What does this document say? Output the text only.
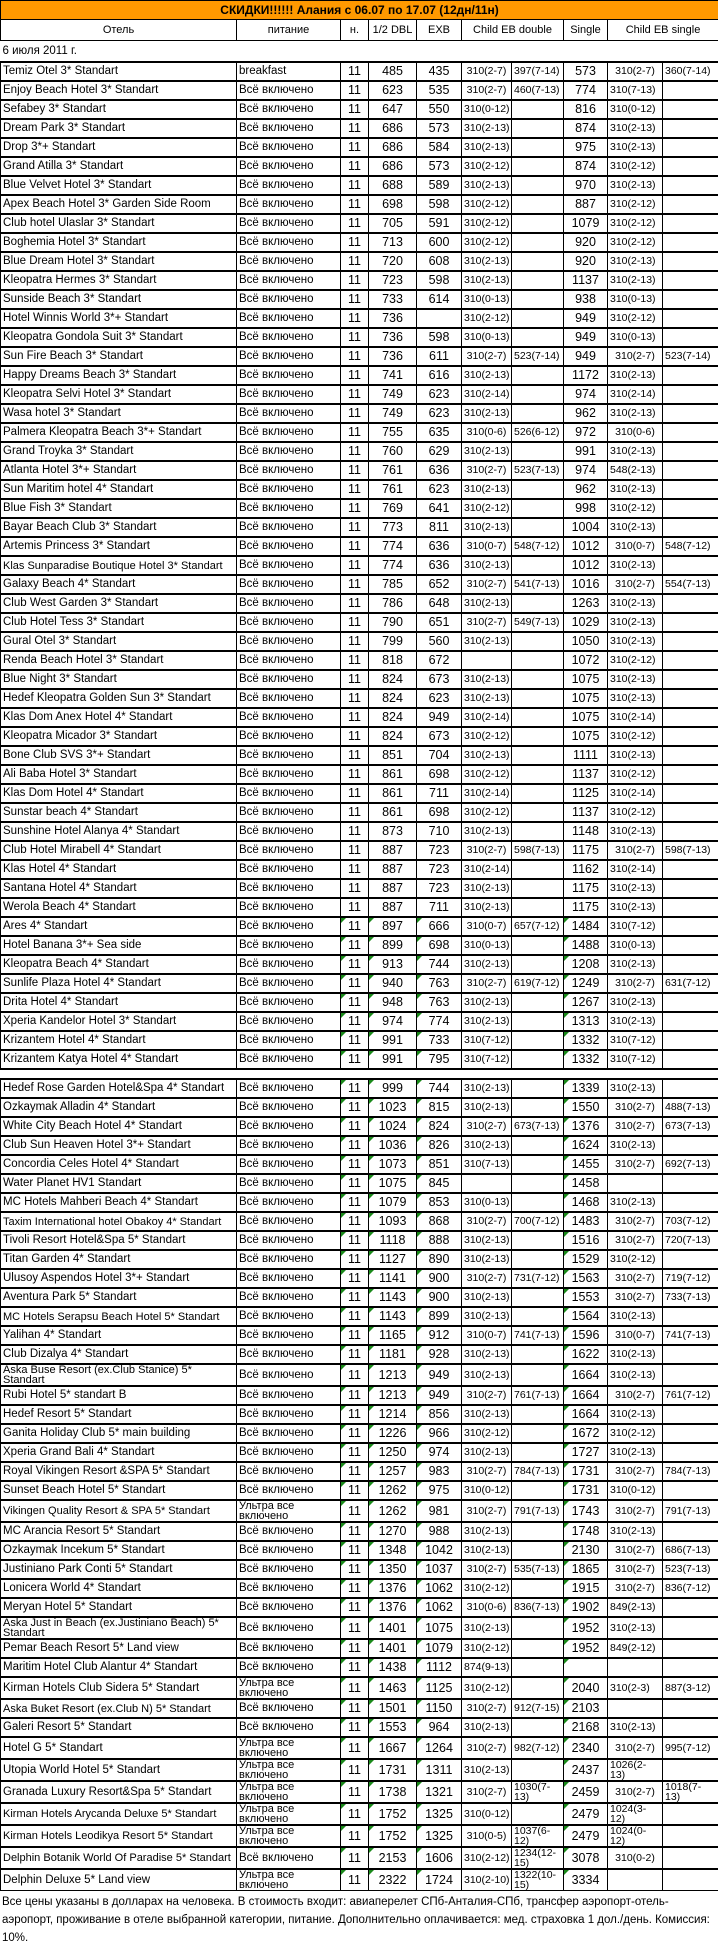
СКИДКИ!!!!!! Алания с 06.07 по 17.07 (12дн/11н)									
Отель	питание	н.	1/2 DBL	EXB	Child EB double		Single	Child EB single	
6 июля 2011 г.									
Temiz Otel 3* Standart	breakfast	11	485	435	310(2-7)	397(7-14)	573	310(2-7)	360(7-14)
Enjoy Beach Hotel 3* Standart	Всё включено	11	623	535	310(2-7)	460(7-13)	774	310(7-13)	
Sefabey 3* Standart	Всё включено	11	647	550	310(0-12)		816	310(0-12)	
Dream Park 3* Standart	Всё включено	11	686	573	310(2-13)		874	310(2-13)	
Drop 3*+ Standart	Всё включено	11	686	584	310(2-13)		975	310(2-13)	
Grand Atilla 3* Standart	Всё включено	11	686	573	310(2-12)		874	310(2-12)	
Blue Velvet Hotel 3* Standart	Всё включено	11	688	589	310(2-13)		970	310(2-13)	
Apex Beach Hotel 3* Garden Side Room	Всё включено	11	698	598	310(2-12)		887	310(2-12)	
Club hotel Ulaslar 3* Standart	Всё включено	11	705	591	310(2-12)		1079	310(2-12)	
Boghemia Hotel 3* Standart	Всё включено	11	713	600	310(2-12)		920	310(2-12)	
Blue Dream Hotel 3* Standart	Всё включено	11	720	608	310(2-13)		920	310(2-13)	
Kleopatra Hermes 3* Standart	Всё включено	11	723	598	310(2-13)		1137	310(2-13)	
Sunside Beach 3* Standart	Всё включено	11	733	614	310(0-13)		938	310(0-13)	
Hotel Winnis World 3*+ Standart	Всё включено	11	736		310(2-12)		949	310(2-12)	
Kleopatra Gondola Suit 3* Standart	Всё включено	11	736	598	310(0-13)		949	310(0-13)	
Sun Fire Beach 3* Standart	Всё включено	11	736	611	310(2-7)	523(7-14)	949	310(2-7)	523(7-14)
Happy Dreams Beach 3* Standart	Всё включено	11	741	616	310(2-13)		1172	310(2-13)	
Kleopatra Selvi Hotel 3* Standart	Всё включено	11	749	623	310(2-14)		974	310(2-14)	
Wasa hotel 3* Standart	Всё включено	11	749	623	310(2-13)		962	310(2-13)	
Palmera Kleopatra Beach 3*+ Standart	Всё включено	11	755	635	310(0-6)	526(6-12)	972	310(0-6)	
Grand Troyka 3* Standart	Всё включено	11	760	629	310(2-13)		991	310(2-13)	
Atlanta Hotel 3*+ Standart	Всё включено	11	761	636	310(2-7)	523(7-13)	974	548(2-13)	
Sun Maritim hotel 4* Standart	Всё включено	11	761	623	310(2-13)		962	310(2-13)	
Blue Fish 3* Standart	Всё включено	11	769	641	310(2-12)		998	310(2-12)	
Bayar Beach Club 3* Standart	Всё включено	11	773	811	310(2-13)		1004	310(2-13)	
Artemis Princess 3* Standart	Всё включено	11	774	636	310(0-7)	548(7-12)	1012	310(0-7)	548(7-12)
Klas Sunparadise Boutique Hotel 3* Standart	Всё включено	11	774	636	310(2-13)		1012	310(2-13)	
Galaxy Beach 4* Standart	Всё включено	11	785	652	310(2-7)	541(7-13)	1016	310(2-7)	554(7-13)
Club West Garden 3* Standart	Всё включено	11	786	648	310(2-13)		1263	310(2-13)	
Club Hotel Tess 3* Standart	Всё включено	11	790	651	310(2-7)	549(7-13)	1029	310(2-13)	
Gural Otel 3* Standart	Всё включено	11	799	560	310(2-13)		1050	310(2-13)	
Renda Beach Hotel 3* Standart	Всё включено	11	818	672			1072	310(2-12)	
Blue Night 3* Standart	Всё включено	11	824	673	310(2-13)		1075	310(2-13)	
Hedef Kleopatra Golden Sun 3* Standart	Всё включено	11	824	623	310(2-13)		1075	310(2-13)	
Klas Dom Anex Hotel 4* Standart	Всё включено	11	824	949	310(2-14)		1075	310(2-14)	
Kleopatra Micador 3* Standart	Всё включено	11	824	673	310(2-12)		1075	310(2-12)	
Bone Club SVS 3*+ Standart	Всё включено	11	851	704	310(2-13)		1111	310(2-13)	
Ali Baba Hotel 3* Standart	Всё включено	11	861	698	310(2-12)		1137	310(2-12)	
Klas Dom Hotel 4* Standart	Всё включено	11	861	711	310(2-14)		1125	310(2-14)	
Sunstar beach 4* Standart	Всё включено	11	861	698	310(2-12)		1137	310(2-12)	
Sunshine Hotel Alanya 4* Standart	Всё включено	11	873	710	310(2-13)		1148	310(2-13)	
Club Hotel Mirabell 4* Standart	Всё включено	11	887	723	310(2-7)	598(7-13)	1175	310(2-7)	598(7-13)
Klas Hotel 4* Standart	Всё включено	11	887	723	310(2-14)		1162	310(2-14)	
Santana Hotel 4* Standart	Всё включено	11	887	723	310(2-13)		1175	310(2-13)	
Werola Beach 4* Standart	Всё включено	11	887	711	310(2-13)		1175	310(2-13)	
Ares 4* Standart	Всё включено	11	897	666	310(0-7)	657(7-12)	1484	310(7-12)	
Hotel Banana 3*+ Sea side	Всё включено	11	899	698	310(0-13)		1488	310(0-13)	
Kleopatra Beach 4* Standart	Всё включено	11	913	744	310(2-13)		1208	310(2-13)	
Sunlife Plaza Hotel 4* Standart	Всё включено	11	940	763	310(2-7)	619(7-12)	1249	310(2-7)	631(7-12)
Drita Hotel 4* Standart	Всё включено	11	948	763	310(2-13)		1267	310(2-13)	
Xperia Kandelor Hotel 3* Standart	Всё включено	11	974	774	310(2-13)		1313	310(2-13)	
Krizantem Hotel 4* Standart	Всё включено	11	991	733	310(7-12)		1332	310(7-12)	
Krizantem Katya Hotel 4* Standart	Всё включено	11	991	795	310(7-12)		1332	310(7-12)	

Hedef Rose Garden Hotel&Spa 4* Standart	Всё включено	11	999	744	310(2-13)		1339	310(2-13)	
Ozkaymak Alladin 4* Standart	Всё включено	11	1023	815	310(2-13)		1550	310(2-7)	488(7-13)
White City Beach Hotel 4* Standart	Всё включено	11	1024	824	310(2-7)	673(7-13)	1376	310(2-7)	673(7-13)
Club Sun Heaven Hotel 3*+ Standart	Всё включено	11	1036	826	310(2-13)		1624	310(2-13)	
Concordia Celes Hotel 4* Standart	Всё включено	11	1073	851	310(7-13)		1455	310(2-7)	692(7-13)
Water Planet HV1 Standart	Всё включено	11	1075	845			1458		
MC Hotels Mahberi Beach 4* Standart	Всё включено	11	1079	853	310(0-13)		1468	310(2-13)	
Taxim International hotel Obakoy 4* Standart	Всё включено	11	1093	868	310(2-7)	700(7-12)	1483	310(2-7)	703(7-12)
Tivoli Resort Hotel&Spa 5* Standart	Всё включено	11	1118	888	310(2-13)		1516	310(2-7)	720(7-13)
Titan Garden 4* Standart	Всё включено	11	1127	890	310(2-13)		1529	310(2-12)	
Ulusoy Aspendos Hotel 3*+ Standart	Всё включено	11	1141	900	310(2-7)	731(7-12)	1563	310(2-7)	719(7-12)
Aventura Park 5* Standart	Всё включено	11	1143	900	310(2-13)		1553	310(2-7)	733(7-13)
MC Hotels Serapsu Beach Hotel 5* Standart	Всё включено	11	1143	899	310(2-13)		1564	310(2-13)	
Yalihan 4* Standart	Всё включено	11	1165	912	310(0-7)	741(7-13)	1596	310(0-7)	741(7-13)
Club Dizalya 4* Standart	Всё включено	11	1181	928	310(2-13)		1622	310(2-13)	
Aska Buse Resort (ex.Club Stanice) 5* Standart	Всё включено	11	1213	949	310(2-13)		1664	310(2-13)	
Rubi Hotel 5* standart B	Всё включено	11	1213	949	310(2-7)	761(7-13)	1664	310(2-7)	761(7-12)
Hedef Resort 5* Standart	Всё включено	11	1214	856	310(2-13)		1664	310(2-13)	
Ganita Holiday Club 5* main building	Всё включено	11	1226	966	310(2-12)		1672	310(2-12)	
Xperia Grand Bali 4* Standart	Всё включено	11	1250	974	310(2-13)		1727	310(2-13)	
Royal Vikingen Resort &SPA 5* Standart	Всё включено	11	1257	983	310(2-7)	784(7-13)	1731	310(2-7)	784(7-13)
Sunset Beach Hotel 5* Standart	Всё включено	11	1262	975	310(0-12)		1731	310(0-12)	
Vikingen Quality Resort & SPA 5* Standart	Ультра все включено	11	1262	981	310(2-7)	791(7-13)	1743	310(2-7)	791(7-13)
MC Arancia Resort 5* Standart	Всё включено	11	1270	988	310(2-13)		1748	310(2-13)	
Ozkaymak Incekum 5* Standart	Всё включено	11	1348	1042	310(2-13)		2130	310(2-7)	686(7-13)
Justiniano Park Conti 5* Standart	Всё включено	11	1350	1037	310(2-7)	535(7-13)	1865	310(2-7)	523(7-13)
Lonicera World 4* Standart	Всё включено	11	1376	1062	310(2-12)		1915	310(2-7)	836(7-12)
Meryan Hotel 5* Standart	Всё включено	11	1376	1062	310(0-6)	836(7-13)	1902	849(2-13)	
Aska Just in Beach (ex.Justiniano Beach) 5* Standart	Всё включено	11	1401	1075	310(2-13)		1952	310(2-13)	
Pemar Beach Resort 5* Land view	Всё включено	11	1401	1079	310(2-12)		1952	849(2-12)	
Maritim Hotel Club Alantur 4* Standart	Всё включено	11	1438	1112	874(9-13)				
Kirman Hotels Club Sidera 5* Standart	Ультра все включено	11	1463	1125	310(2-12)		2040	310(2-3)	887(3-12)
Aska Buket Resort (ex.Club N) 5* Standart	Всё включено	11	1501	1150	310(2-7)	912(7-15)	2103		
Galeri Resort 5* Standart	Всё включено	11	1553	964	310(2-13)		2168	310(2-13)	
Hotel G 5* Standart	Ультра все включено	11	1667	1264	310(2-7)	982(7-12)	2340	310(2-7)	995(7-12)
Utopia World Hotel 5* Standart	Ультра все включено	11	1731	1311	310(2-13)		2437	1026(2-13)	
Granada Luxury Resort&Spa 5* Standart	Ультра все включено	11	1738	1321	310(2-7)	1030(7-13)	2459	310(2-7)	1018(7-13)
Kirman Hotels Arycanda Deluxe 5* Standart	Ультра все включено	11	1752	1325	310(0-12)		2479	1024(3-12)	
Kirman Hotels Leodikya Resort 5* Standart	Ультра все включено	11	1752	1325	310(0-5)	1037(6-12)	2479	1024(0-12)	
Delphin Botanik World Of Paradise 5* Standart	Всё включено	11	2153	1606	310(2-12)	1234(12-15)	3078	310(0-2)	
Delphin Deluxe 5* Land view	Ультра все включено	11	2322	1724	310(2-10)	1322(10-15)	3334		
Все цены указаны в долларах на человека. В стоимость входит: авиаперелет СПб-Анталия-СПб, трансфер аэропорт-отель-аэропорт, проживание в отеле выбранной категории, питание. Дополнительно оплачивается: мед. страховка 1 дол./день. Комиссия: 10%.
